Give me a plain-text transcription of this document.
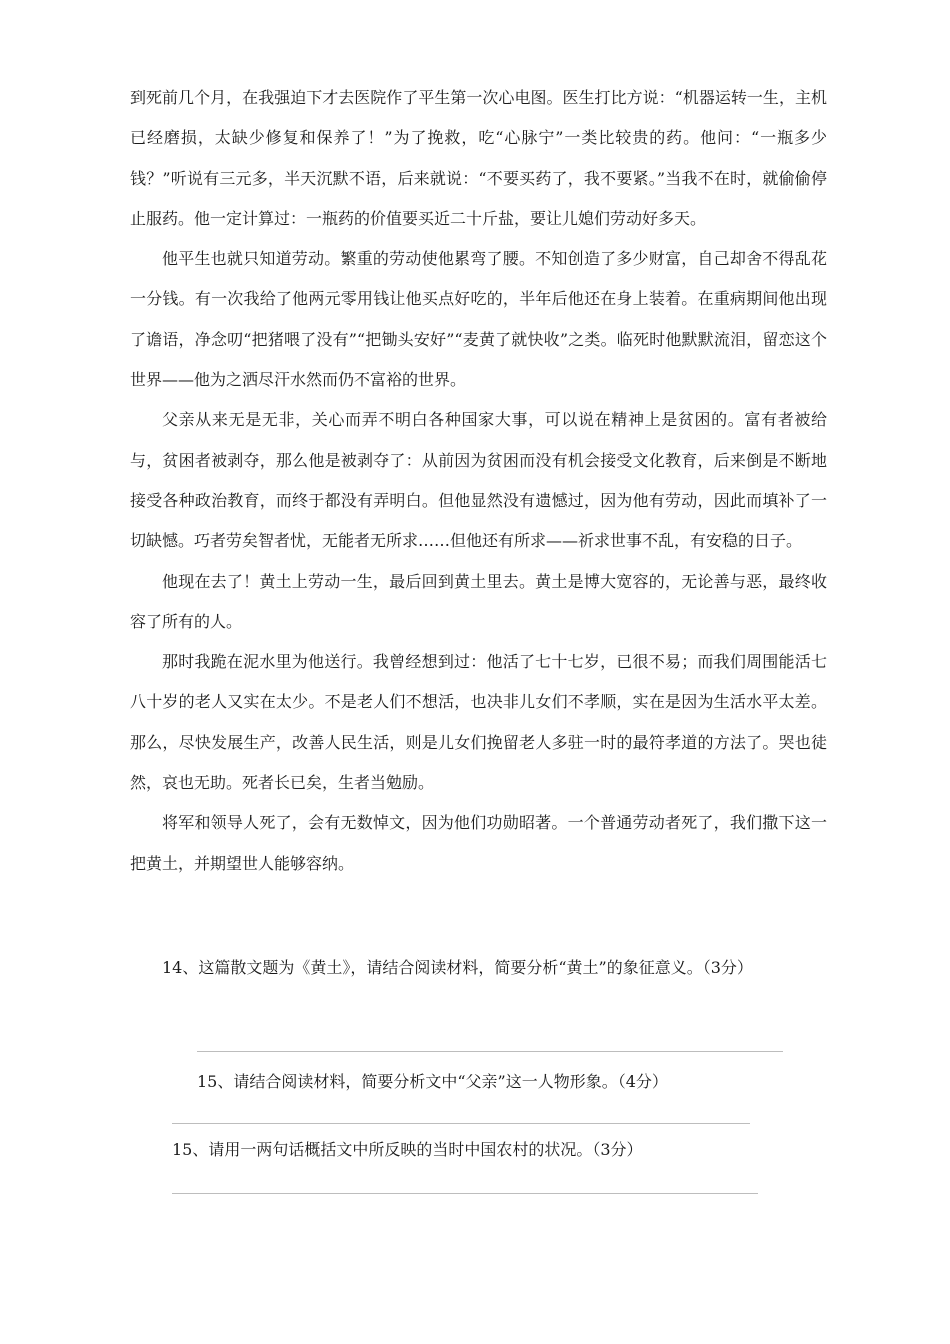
到死前几个月，在我强迫下才去医院作了平生第一次心电图。医生打比方说：“机器运转一生，主机已经磨损，太缺少修复和保养了！”为了挽救，吃“心脉宁”一类比较贵的药。他问：“一瓶多少钱？”听说有三元多，半天沉默不语，后来就说：“不要买药了，我不要紧。”当我不在时，就偷偷停止服药。他一定计算过：一瓶药的价值要买近二十斤盐，要让儿媳们劳动好多天。

他平生也就只知道劳动。繁重的劳动使他累弯了腰。不知创造了多少财富，自己却舍不得乱花一分钱。有一次我给了他两元零用钱让他买点好吃的，半年后他还在身上装着。在重病期间他出现了谵语，净念叨“把猪喂了没有”“把锄头安好”“麦黄了就快收”之类。临死时他默默流泪，留恋这个世界——他为之洒尽汗水然而仍不富裕的世界。

父亲从来无是无非，关心而弄不明白各种国家大事，可以说在精神上是贫困的。富有者被给与，贫困者被剥夺，那么他是被剥夺了：从前因为贫困而没有机会接受文化教育，后来倒是不断地接受各种政治教育，而终于都没有弄明白。但他显然没有遗憾过，因为他有劳动，因此而填补了一切缺憾。巧者劳矣智者忧，无能者无所求……但他还有所求——祈求世事不乱，有安稳的日子。

他现在去了！黄土上劳动一生，最后回到黄土里去。黄土是博大宽容的，无论善与恶，最终收容了所有的人。

那时我跪在泥水里为他送行。我曾经想到过：他活了七十七岁，已很不易；而我们周围能活七八十岁的老人又实在太少。不是老人们不想活，也决非儿女们不孝顺，实在是因为生活水平太差。那么，尽快发展生产，改善人民生活，则是儿女们挽留老人多驻一时的最符孝道的方法了。哭也徒然，哀也无助。死者长已矣，生者当勉励。

将军和领导人死了，会有无数悼文，因为他们功勋昭著。一个普通劳动者死了，我们撒下这一把黄土，并期望世人能够容纳。

14、这篇散文题为《黄土》，请结合阅读材料，简要分析“黄土”的象征意义。（3分）

15、请结合阅读材料，简要分析文中“父亲”这一人物形象。（4分）

15、请用一两句话概括文中所反映的当时中国农村的状况。（3分）
